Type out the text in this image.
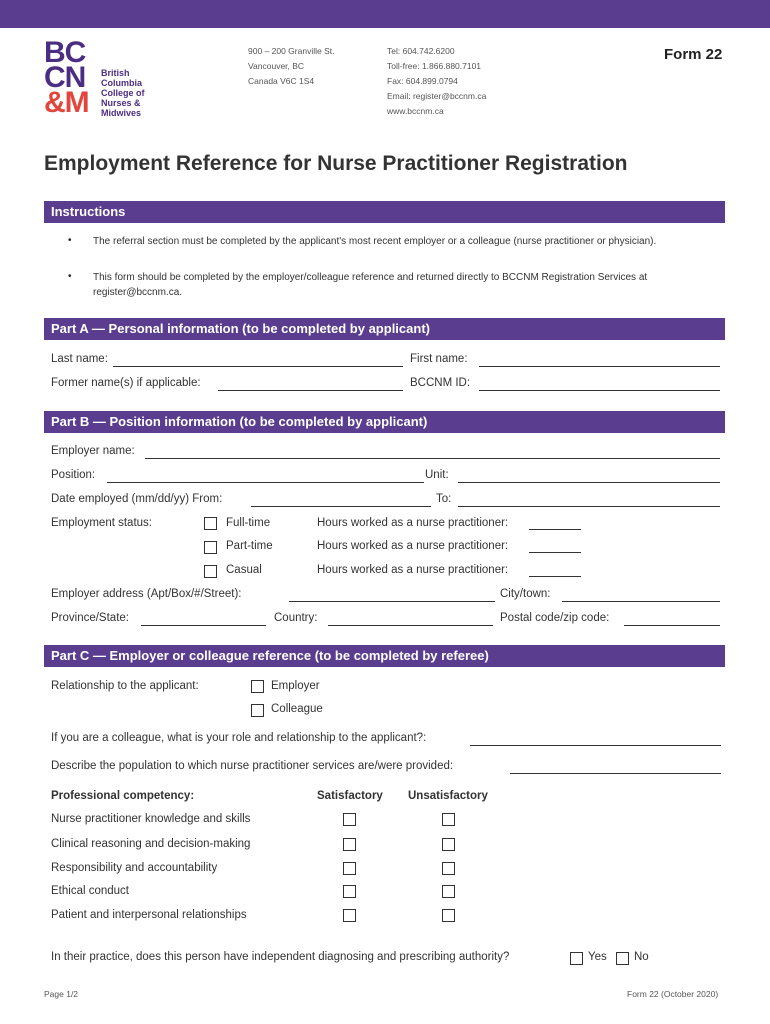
BC
CN
&M
British
Columbia
College of
Nurses &
Midwives
900 – 200 Granville St.
Vancouver, BC
Canada V6C 1S4
Tel: 604.742.6200
Toll-free: 1.866.880.7101
Fax: 604.899.0794
Email: register@bccnm.ca
www.bccnm.ca
Form 22
Employment Reference for Nurse Practitioner Registration
Instructions
• The referral section must be completed by the applicant's most recent employer or a colleague (nurse practitioner or physician).
• This form should be completed by the employer/colleague reference and returned directly to BCCNM Registration Services at register@bccnm.ca.
Part A — Personal information (to be completed by applicant)
Last name:	First name:
Former name(s) if applicable:	BCCNM ID:
Part B — Position information (to be completed by applicant)
Employer name:
Position:	Unit:
Date employed (mm/dd/yy) From:	To:
Employment status:	Full-time	Hours worked as a nurse practitioner:
Part-time	Hours worked as a nurse practitioner:
Casual	Hours worked as a nurse practitioner:
Employer address (Apt/Box/#/Street):	City/town:
Province/State:	Country:	Postal code/zip code:
Part C — Employer or colleague reference (to be completed by referee)
Relationship to the applicant:	Employer
Colleague
If you are a colleague, what is your role and relationship to the applicant?:
Describe the population to which nurse practitioner services are/were provided:
Professional competency:	Satisfactory Unsatisfactory
Nurse practitioner knowledge and skills
Clinical reasoning and decision-making
Responsibility and accountability
Ethical conduct
Patient and interpersonal relationships
In their practice, does this person have independent diagnosing and prescribing authority?	Yes No
Page 1/2	Form 22 (October 2020)
